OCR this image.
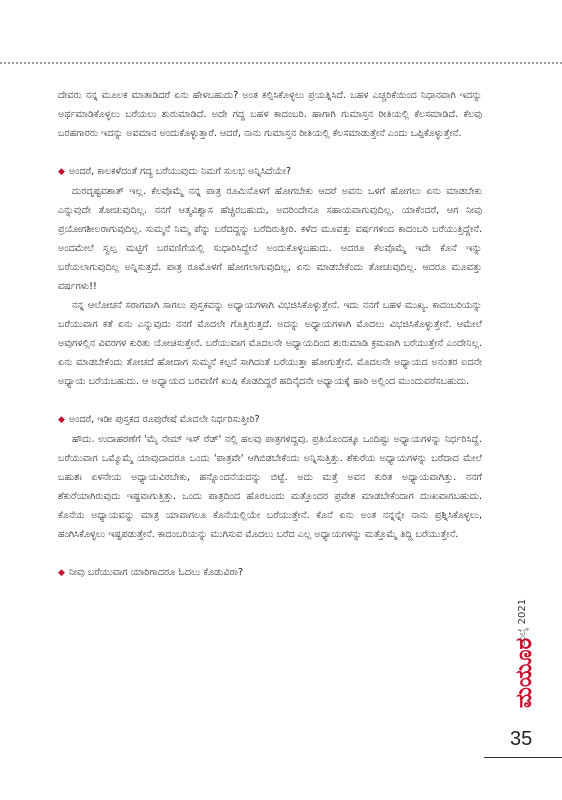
ದೇವರು ನನ್ನ ಮೂಲಕ ಮಾತಾಡಿದರೆ ಏನು ಹೇಳಬಹುದು? ಅಂತ ಕಲ್ಪಿಸಿಕೊಳ್ಳಲು ಪ್ರಯತ್ನಿಸಿದೆ. ಬಹಳ ಎಚ್ಚರಿಕೆಯಿಂದ ನಿಧಾನವಾಗಿ ಇದನ್ನು ಅರ್ಥಮಾಡಿಕೊಳ್ಳಲು ಬರೆಯಲು ಶುರುಮಾಡಿದೆ. ಅದೇ ಗದ್ದ ಬಹಳ ಕಾದಂಬರಿ. ಹಾಗಾಗಿ ಗುಮಾಸ್ತನ ರೀತಿಯಲ್ಲಿ ಕೆಲಸಮಾಡಿದೆ. ಕೆಲವು ಬರಹಗಾರರು ಇದನ್ನು ಅವಮಾನ ಅಂದುಕೊಳ್ಳುತ್ತಾರೆ. ಆದರೆ, ನಾನು ಗುಮಾಸ್ತನ ರೀತಿಯಲ್ಲಿ ಕೆಲಸಮಾಡುತ್ತೇನೆ ಎಂದು ಒಪ್ಪಿಕೊಳ್ಳುತ್ತೇನೆ.

◆ ಅಂದರೆ, ಕಾಲಕಳೆದಂತೆ ಗದ್ಯ ಬರೆಯುವುದು ನಿಮಗೆ ಸುಲಭ ಅನ್ನಿಸಿದೆಯೇ?

ದುರದೃಷ್ಟವಶಾತ್ ಇಲ್ಲ. ಕೆಲವೊಮ್ಮೆ ನನ್ನ ಪಾತ್ರ ರೂಮಿನೊಳಗೆ ಹೋಗಬೇಕು ಆದರೆ ಅವನು ಒಳಗೆ ಹೋಗಲು ಏನು ಮಾಡಬೇಕು ಎನ್ನುವುದೇ ತೋಚುವುದಿಲ್ಲ. ನನಗೆ ಆತ್ಮವಿಶ್ವಾಸ ಹೆಚ್ಚಿರಬಹುದು, ಅದರಿಂದೇನೂ ಸಹಾಯವಾಗುವುದಿಲ್ಲ. ಯಾಕೆಂದರೆ, ಆಗ ನೀವು ಪ್ರಯೋಗಶೀಲರಾಗುವುದಿಲ್ಲ. ಸುಮ್ಮನೆ ನಿಮ್ಮ ಪೆನ್ನು ಬರೆದದ್ದನ್ನು ಬರೆದಿರುತ್ತೀರಿ. ಕಳೆದ ಮೂವತ್ತು ವರ್ಷಗಳಿಂದ ಕಾದಂಬರಿ ಬರೆಯುತ್ತಿದ್ದೇನೆ. ಅಂದಮೇಲೆ ಸ್ವಲ್ಪ ಮಟ್ಟಿಗೆ ಬರವಣಿಗೆಯಲ್ಲಿ ಸುಧಾರಿಸಿದ್ದೇನೆ ಅಂದುಕೊಳ್ಳಬಹುದು. ಆದರೂ ಕೆಲವೊಮ್ಮೆ ಇದೇ ಕೊನೆ ಇನ್ನು ಬರೆಯಲಾಗುವುದಿಲ್ಲ ಅನ್ನಿಸುತ್ತದೆ. ಪಾತ್ರ ರೂಮೊಳಗೆ ಹೋಗಲಾಗುವುದಿಲ್ಲ, ಏನು ಮಾಡಬೇಕೆಂದು ತೋಚುವುದಿಲ್ಲ. ಆದರೂ ಮೂವತ್ತು ವರ್ಷಗಳು!!

ನನ್ನ ಆಲೋಚನೆ ಸರಾಗವಾಗಿ ಸಾಗಲು ಪುಸ್ತಕವನ್ನು ಅಧ್ಯಾಯಗಳಾಗಿ ವಿಭಜಿಸಿಕೊಳ್ಳುತ್ತೇನೆ. ಇದು ನನಗೆ ಬಹಳ ಮುಖ್ಯ. ಕಾದಂಬರಿಯನ್ನು ಬರೆಯುವಾಗ ಕತೆ ಏನು ಎನ್ನುವುದು ನನಗೆ ಮೊದಲೇ ಗೊತ್ತಿರುತ್ತದೆ. ಅದನ್ನು ಅಧ್ಯಾಯಗಳಾಗಿ ಮೊದಲು ವಿಭಜಿಸಿಕೊಳ್ಳುತ್ತೇನೆ. ಆಮೇಲೆ ಅವುಗಳಲ್ಲಿನ ವಿವರಗಳ ಕುರಿತು ಯೋಚಿಸುತ್ತೇನೆ. ಬರೆಯುವಾಗ ಮೊದಲನೇ ಅಧ್ಯಾಯದಿಂದ ಶುರುಮಾಡಿ ಕ್ರಮವಾಗಿ ಬರೆಯುತ್ತೇನೆ ಎಂದೇನಿಲ್ಲ. ಏನು ಮಾಡಬೇಕೆಂದು ತೋಚದೆ ಹೋದಾಗ ಸುಮ್ಮನೆ ಕಲ್ಪನೆ ಸಾಗಿದಂತೆ ಬರೆಯುತ್ತಾ ಹೋಗುತ್ತೇನೆ. ಮೊದಲನೇ ಅಧ್ಯಾಯದ ಅನಂತರ ಐದನೇ ಅಧ್ಯಾಯ ಬರೆಯಬಹುದು. ಆ ಅಧ್ಯಾಯದ ಬರವಣಿಗೆ ಖುಷಿ ಕೊಡದಿದ್ದರೆ ಹದಿನೈದನೇ ಅಧ್ಯಾಯಕ್ಕೆ ಹಾರಿ ಅಲ್ಲಿಂದ ಮುಂದುವರೆಸಬಹುದು.

◆ ಅಂದರೆ, ಇಡೀ ಪುಸ್ತಕದ ರೂಪುರೇಷೆ ಮೊದಲೇ ನಿರ್ಧರಿಸುತ್ತೀರಿ?

ಹೌದು. ಉದಾಹರಣೆಗೆ 'ಮೈ ನೇಮ್ ಇಸ್ ರೆಡ್' ನಲ್ಲಿ ಹಲವು ಪಾತ್ರಗಳಿದ್ದವು. ಪ್ರತಿಯೊಂದಕ್ಕೂ ಒಂದಿಷ್ಟು ಅಧ್ಯಾಯಗಳನ್ನು ನಿರ್ಧರಿಸಿದ್ದೆ. ಬರೆಯುವಾಗ ಒಮ್ಮೊಮ್ಮೆ ಯಾವುದಾದರೂ ಒಂದು 'ಪಾತ್ರವೇ' ಆಗಿಬಿಡಬೇಕೆಂದು ಅನ್ನಿಸುತ್ತಿತ್ತು. ಶೆಕುರೆಯ ಅಧ್ಯಾಯಗಳನ್ನು ಬರೆದಾದ ಮೇಲೆ ಬಹುಶಃ ಏಳನೇಯ ಅಧ್ಯಾಯವಿರಬೇಕು, ಹನ್ನೊಂದನೆಯದನ್ನು ಬಿಟ್ಟೆ. ಅದು ಮತ್ತೆ ಅವನ ಕುರಿತ ಅಧ್ಯಾಯವಾಗಿತ್ತು. ನನಗೆ ಶೆಕುರೆಯಾಗಿರುವುದು ಇಷ್ಟವಾಗುತ್ತಿತ್ತು. ಒಂದು ಪಾತ್ರದಿಂದ ಹೊರಬಂದು ಮತ್ತೊಂದರ ಪ್ರವೇಶ ಮಾಡಬೇಕೆಂದಾಗ ದುಃಖವಾಗಬಹುದು. ಕೊನೆಯ ಅಧ್ಯಾಯವನ್ನು ಮಾತ್ರ ಯಾವಾಗಲೂ ಕೊನೆಯಲ್ಲಿಯೇ ಬರೆಯುತ್ತೇನೆ. ಕೊನೆ ಏನು ಅಂತ ನನ್ನನ್ನೇ ನಾನು ಪ್ರಶ್ನಿಸಿಕೊಳ್ಳಲು, ಹಂಗಿಸಿಕೊಳ್ಳಲು ಇಷ್ಟಪಡುತ್ತೇನೆ. ಕಾದಂಬರಿಯನ್ನು ಮುಗಿಸುವ ಮೊದಲು ಬರೆದ ಎಲ್ಲ ಅಧ್ಯಾಯಗಳನ್ನು ಮತ್ತೊಮ್ಮೆ ತಿದ್ದಿ ಬರೆಯುತ್ತೇನೆ.

◆ ನೀವು ಬರೆಯುವಾಗ ಯಾರಿಗಾದರೂ ಓದಲು ಕೊಡುವಿರಾ?

ಜುಲೈ 2021
ಮಯೂರ
35
